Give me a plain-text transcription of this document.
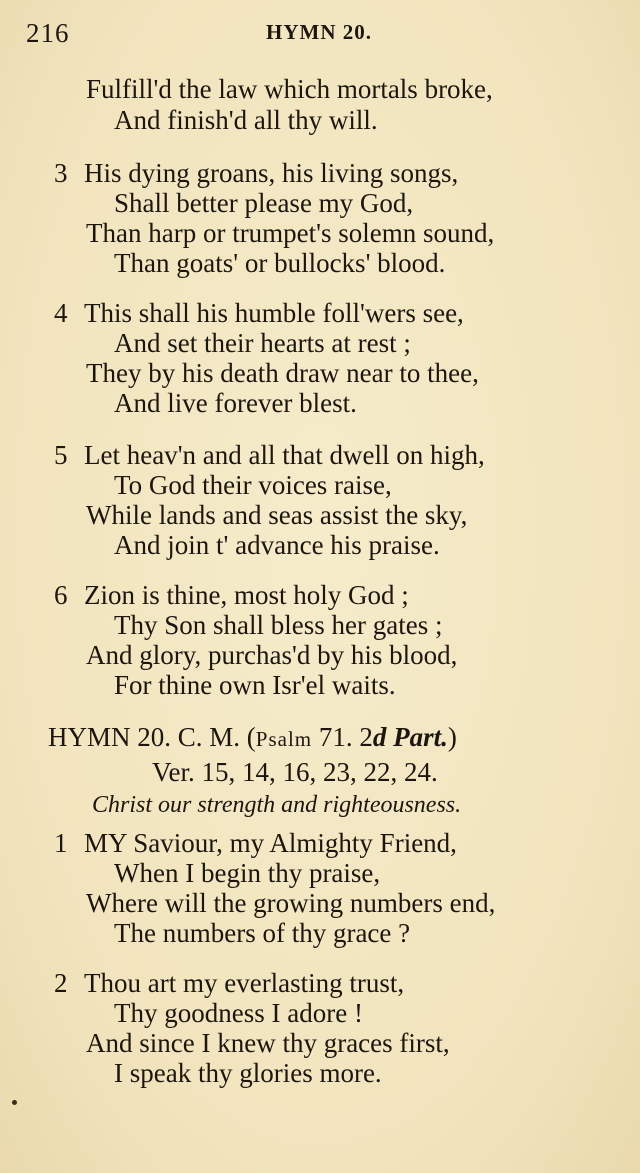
216	HYMN 20.
Fulfill'd the law which mortals broke,
And finish'd all thy will.
3 His dying groans, his living songs,
Shall better please my God,
Than harp or trumpet's solemn sound,
Than goats' or bullocks' blood.
4 This shall his humble foll'wers see,
And set their hearts at rest ;
They by his death draw near to thee,
And live forever blest.
5 Let heav'n and all that dwell on high,
To God their voices raise,
While lands and seas assist the sky,
And join t' advance his praise.
6 Zion is thine, most holy God ;
Thy Son shall bless her gates ;
And glory, purchas'd by his blood,
For thine own Isr'el waits.
HYMN 20. C. M. (Psalm 71. 2d Part.)
Ver. 15, 14, 16, 23, 22, 24.
Christ our strength and righteousness.
1 MY Saviour, my Almighty Friend,
When I begin thy praise,
Where will the growing numbers end,
The numbers of thy grace ?
2 Thou art my everlasting trust,
Thy goodness I adore !
And since I knew thy graces first,
I speak thy glories more.
